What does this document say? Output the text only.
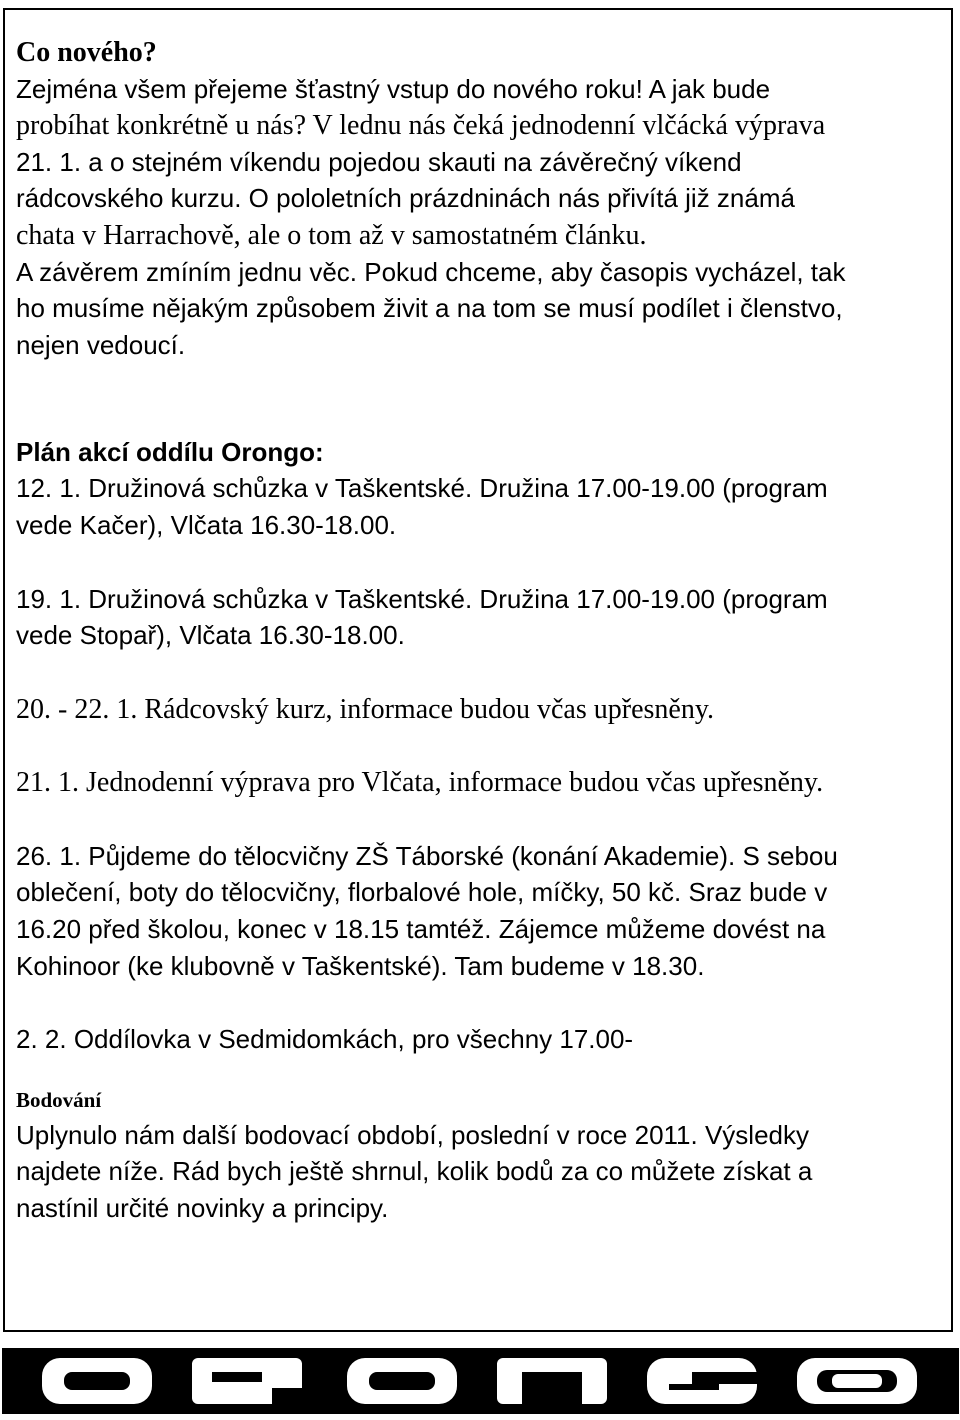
Co nového?
Zejména všem přejeme šťastný vstup do nového roku! A jak bude
probíhat konkrétně u nás? V lednu nás čeká jednodenní vlčácká výprava
21. 1. a o stejném víkendu pojedou skauti na závěrečný víkend
rádcovského kurzu. O pololetních prázdninách nás přivítá již známá
chata v Harrachově, ale o tom až v samostatném článku.
A závěrem zmíním jednu věc. Pokud chceme, aby časopis vycházel, tak
ho musíme nějakým způsobem živit a na tom se musí podílet i členstvo,
nejen vedoucí.
Plán akcí oddílu Orongo:
12. 1. Družinová schůzka v Taškentské. Družina 17.00-19.00 (program
vede Kačer), Vlčata 16.30-18.00.
19. 1. Družinová schůzka v Taškentské. Družina 17.00-19.00 (program
vede Stopař), Vlčata 16.30-18.00.
20. - 22. 1. Rádcovský kurz, informace budou včas upřesněny.
21. 1. Jednodenní výprava pro Vlčata, informace budou včas upřesněny.
26. 1. Půjdeme do tělocvičny ZŠ Táborské (konání Akademie). S sebou
oblečení, boty do tělocvičny, florbalové hole, míčky, 50 kč. Sraz bude v
16.20 před školou, konec v 18.15 tamtéž. Zájemce můžeme dovést na
Kohinoor (ke klubovně v Taškentské). Tam budeme v 18.30.
2. 2. Oddílovka v Sedmidomkách, pro všechny 17.00-
Bodování
Uplynulo nám další bodovací období, poslední v roce 2011. Výsledky
najdete níže. Rád bych ještě shrnul, kolik bodů za co můžete získat a
nastínil určité novinky a principy.
